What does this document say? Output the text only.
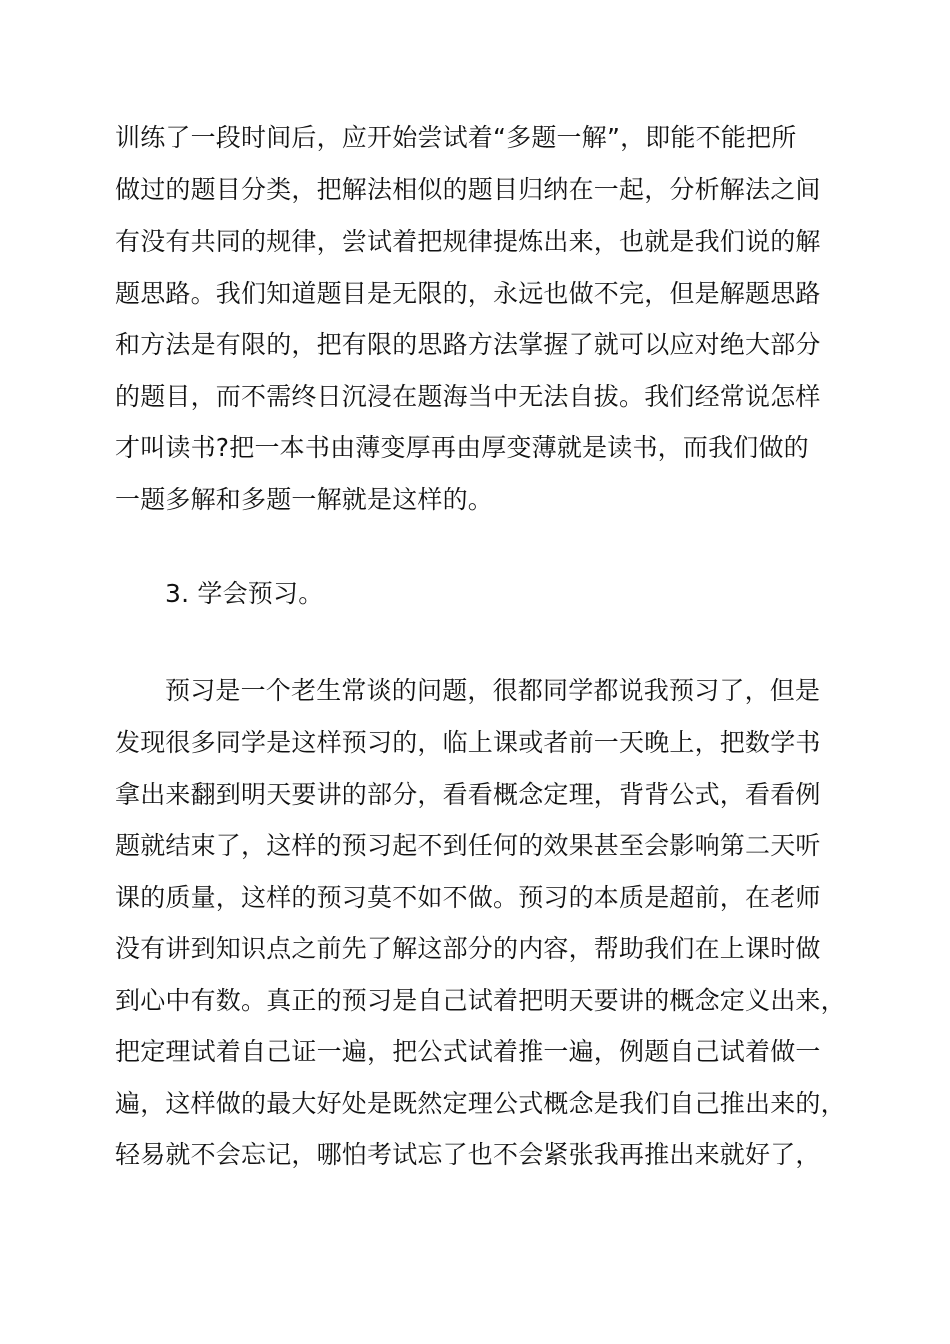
训练了一段时间后，应开始尝试着“多题一解”，即能不能把所
做过的题目分类，把解法相似的题目归纳在一起，分析解法之间
有没有共同的规律，尝试着把规律提炼出来，也就是我们说的解
题思路。我们知道题目是无限的，永远也做不完，但是解题思路
和方法是有限的，把有限的思路方法掌握了就可以应对绝大部分
的题目，而不需终日沉浸在题海当中无法自拔。我们经常说怎样
才叫读书?把一本书由薄变厚再由厚变薄就是读书，而我们做的
一题多解和多题一解就是这样的。
3. 学会预习。
预习是一个老生常谈的问题，很都同学都说我预习了，但是
发现很多同学是这样预习的，临上课或者前一天晚上，把数学书
拿出来翻到明天要讲的部分，看看概念定理，背背公式，看看例
题就结束了，这样的预习起不到任何的效果甚至会影响第二天听
课的质量，这样的预习莫不如不做。预习的本质是超前，在老师
没有讲到知识点之前先了解这部分的内容，帮助我们在上课时做
到心中有数。真正的预习是自己试着把明天要讲的概念定义出来，
把定理试着自己证一遍，把公式试着推一遍，例题自己试着做一
遍，这样做的最大好处是既然定理公式概念是我们自己推出来的，
轻易就不会忘记，哪怕考试忘了也不会紧张我再推出来就好了，
